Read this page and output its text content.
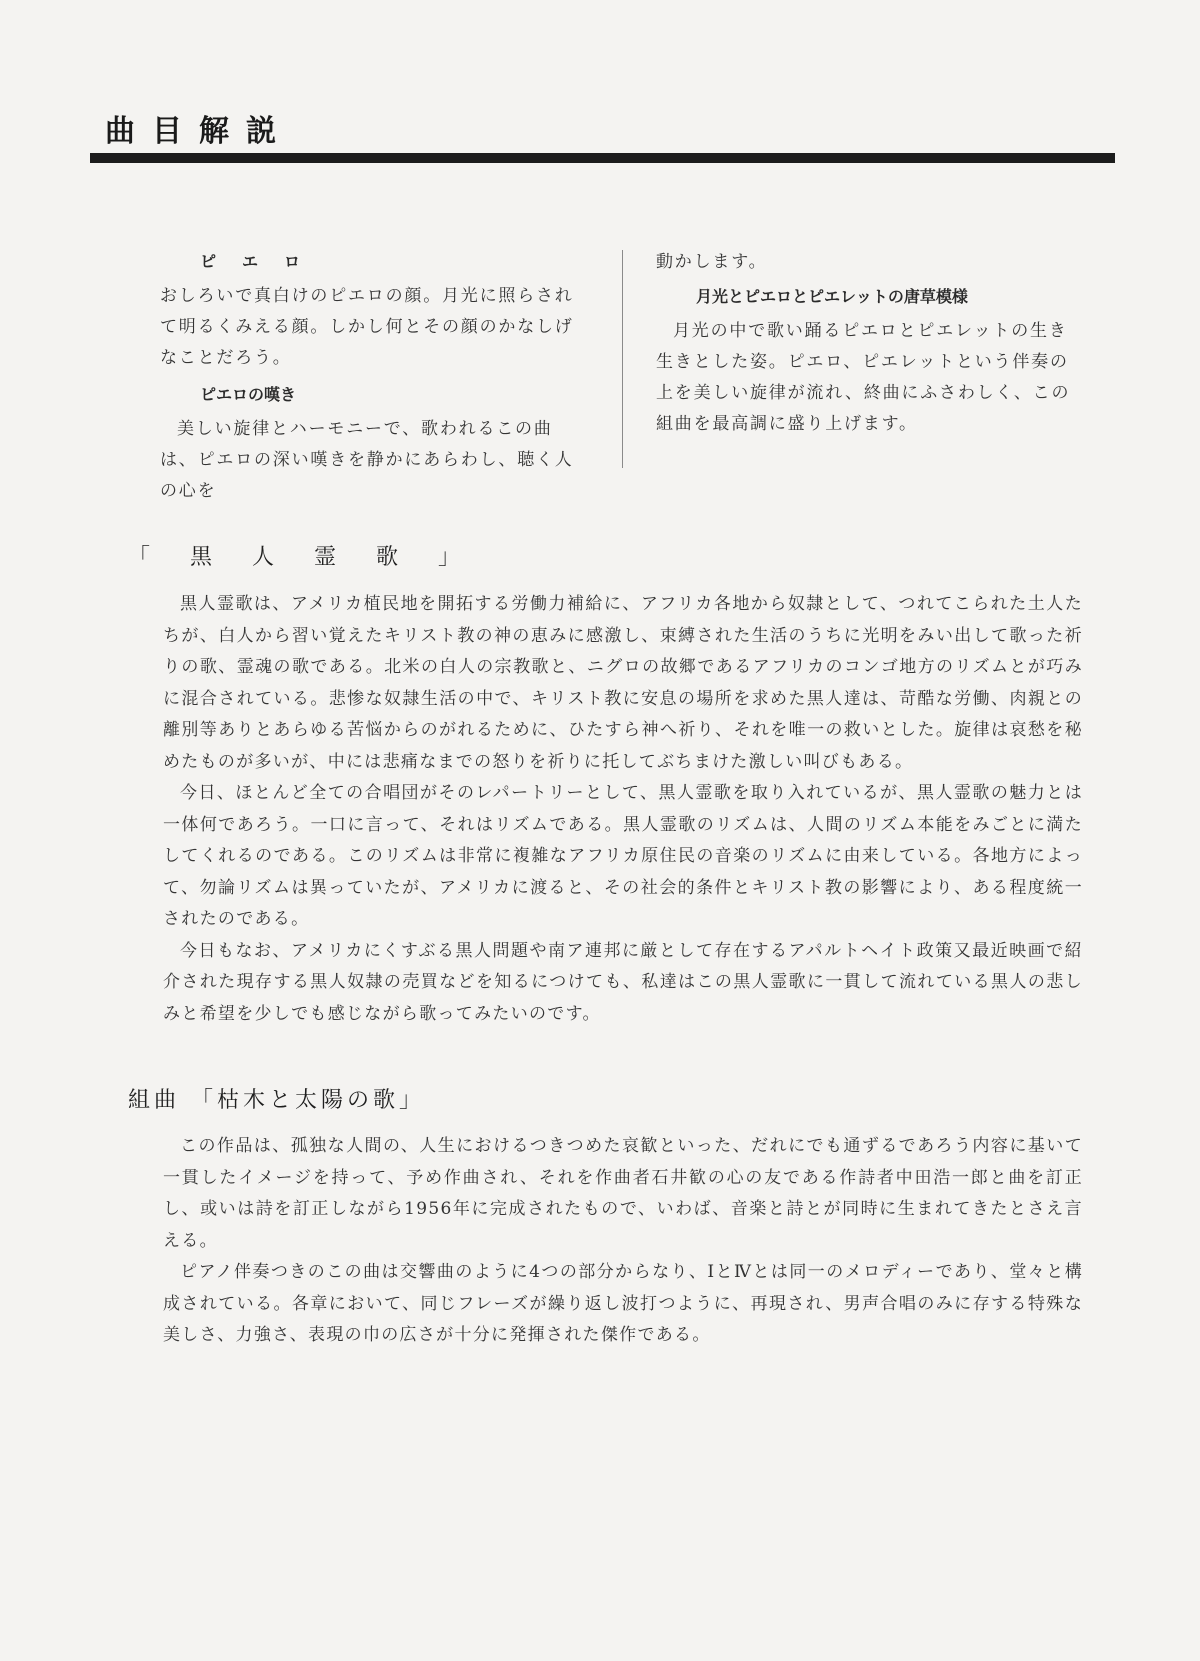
曲目解説
ピエロ

おしろいで真白けのピエロの顔。月光に照らされて明るくみえる顔。しかし何とその顔のかなしげなことだろう。

ピエロの嘆き

美しい旋律とハーモニーで、歌われるこの曲は、ピエロの深い嘆きを静かにあらわし、聴く人の心を

動かします。

月光とピエロとピエレットの唐草模様

月光の中で歌い踊るピエロとピエレットの生き生きとした姿。ピエロ、ピエレットという伴奏の上を美しい旋律が流れ、終曲にふさわしく、この組曲を最高調に盛り上げます。

「黒人霊歌」

黒人霊歌は、アメリカ植民地を開拓する労働力補給に、アフリカ各地から奴隷として、つれてこられた土人たちが、白人から習い覚えたキリスト教の神の恵みに感激し、束縛された生活のうちに光明をみい出して歌った祈りの歌、霊魂の歌である。北米の白人の宗教歌と、ニグロの故郷であるアフリカのコンゴ地方のリズムとが巧みに混合されている。悲惨な奴隷生活の中で、キリスト教に安息の場所を求めた黒人達は、苛酷な労働、肉親との離別等ありとあらゆる苦悩からのがれるために、ひたすら神へ祈り、それを唯一の救いとした。旋律は哀愁を秘めたものが多いが、中には悲痛なまでの怒りを祈りに托してぶちまけた激しい叫びもある。

今日、ほとんど全ての合唱団がそのレパートリーとして、黒人霊歌を取り入れているが、黒人霊歌の魅力とは一体何であろう。一口に言って、それはリズムである。黒人霊歌のリズムは、人間のリズム本能をみごとに満たしてくれるのである。このリズムは非常に複雑なアフリカ原住民の音楽のリズムに由来している。各地方によって、勿論リズムは異っていたが、アメリカに渡ると、その社会的条件とキリスト教の影響により、ある程度統一されたのである。

今日もなお、アメリカにくすぶる黒人問題や南ア連邦に厳として存在するアパルトヘイト政策又最近映画で紹介された現存する黒人奴隷の売買などを知るにつけても、私達はこの黒人霊歌に一貫して流れている黒人の悲しみと希望を少しでも感じながら歌ってみたいのです。

組曲 「枯木と太陽の歌」

この作品は、孤独な人間の、人生におけるつきつめた哀歓といった、だれにでも通ずるであろう内容に基いて一貫したイメージを持って、予め作曲され、それを作曲者石井歓の心の友である作詩者中田浩一郎と曲を訂正し、或いは詩を訂正しながら1956年に完成されたもので、いわば、音楽と詩とが同時に生まれてきたとさえ言える。

ピアノ伴奏つきのこの曲は交響曲のように4つの部分からなり、ⅠとⅣとは同一のメロディーであり、堂々と構成されている。各章において、同じフレーズが繰り返し波打つように、再現され、男声合唱のみに存する特殊な美しさ、力強さ、表現の巾の広さが十分に発揮された傑作である。
